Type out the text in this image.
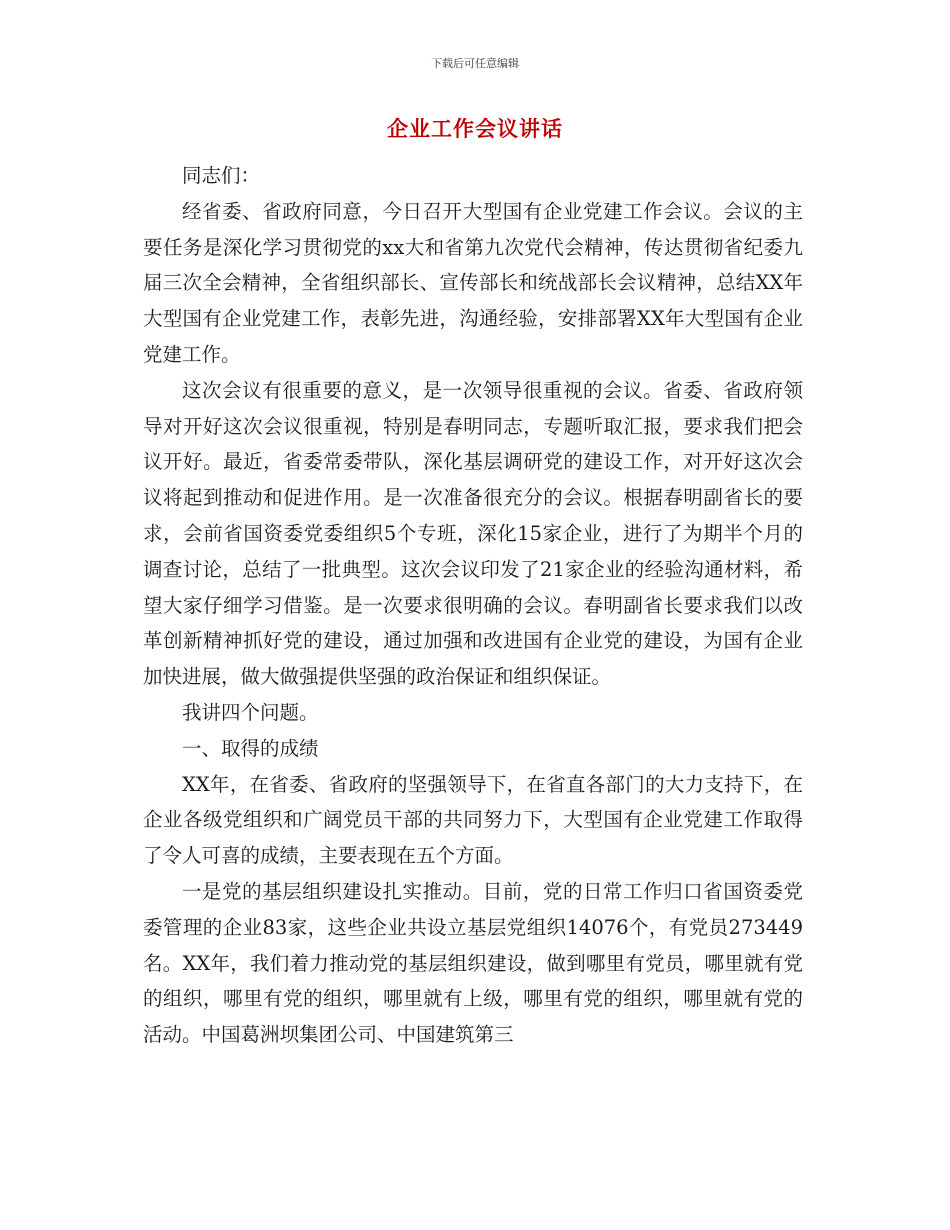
下载后可任意编辑
企业工作会议讲话

同志们：

经省委、省政府同意，今日召开大型国有企业党建工作会议。会议的主要任务是深化学习贯彻党的xx大和省第九次党代会精神，传达贯彻省纪委九届三次全会精神，全省组织部长、宣传部长和统战部长会议精神，总结XX年大型国有企业党建工作，表彰先进，沟通经验，安排部署XX年大型国有企业党建工作。

这次会议有很重要的意义，是一次领导很重视的会议。省委、省政府领导对开好这次会议很重视，特别是春明同志，专题听取汇报，要求我们把会议开好。最近，省委常委带队，深化基层调研党的建设工作，对开好这次会议将起到推动和促进作用。是一次准备很充分的会议。根据春明副省长的要求，会前省国资委党委组织5个专班，深化15家企业，进行了为期半个月的调查讨论，总结了一批典型。这次会议印发了21家企业的经验沟通材料，希望大家仔细学习借鉴。是一次要求很明确的会议。春明副省长要求我们以改革创新精神抓好党的建设，通过加强和改进国有企业党的建设，为国有企业加快进展，做大做强提供坚强的政治保证和组织保证。

我讲四个问题。

一、取得的成绩

XX年，在省委、省政府的坚强领导下，在省直各部门的大力支持下，在企业各级党组织和广阔党员干部的共同努力下，大型国有企业党建工作取得了令人可喜的成绩，主要表现在五个方面。

一是党的基层组织建设扎实推动。目前，党的日常工作归口省国资委党委管理的企业83家，这些企业共设立基层党组织14076个，有党员273449名。XX年，我们着力推动党的基层组织建设，做到哪里有党员，哪里就有党的组织，哪里有党的组织，哪里就有上级，哪里有党的组织，哪里就有党的活动。中国葛洲坝集团公司、中国建筑第三
